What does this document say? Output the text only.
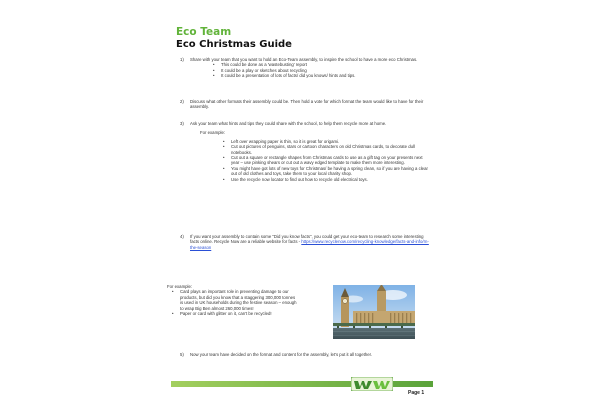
Eco Team
Eco Christmas Guide
1) Share with your team that you want to hold an Eco-Team assembly, to inspire the school to have a more eco Christmas.
• This could be done as a 'wastebusting' report
• It could be a play or sketches about recycling
• It could be a presentation of lots of facts/ did you knows/ hints and tips.
2) Discuss what other formats their assembly could be. Then hold a vote for which format the team would like to have for their assembly.
3) Ask your team what hints and tips they could share with the school, to help them recycle more at home.
For example:
• Left over wrapping paper is thin, so it is great for origami.
• Cut out pictures of penguins, stars or cartoon characters on old Christmas cards, to decorate dull notebooks.
• Cut out a square or rectangle shapes from Christmas cards to use as a gift tag on your presents next year – use pinking shears or cut out a wavy edged template to make them more interesting.
• You might have got lots of new toys for Christmas/ be having a spring clean, so if you are having a clear out of old clothes and toys, take them to your local charity shop.
• Use the recycle now locator to find out how to recycle old electrical toys.
4) If you want your assembly to contain some "Did you know facts", you could get your eco-team to research some interesting facts online. Recycle Now are a reliable website for facts - https://www.recyclenow.com/recycling-knowledge/facts-and-info/rn-the-season
For example:
• Card plays an important role in preventing damage to our products, but did you know that a staggering 300,000 tonnes is used in UK households during the festive season – enough to wrap Big Ben almost 260,000 times!
• Paper or card with glitter on it, can't be recycled!
5) Now your team have decided on the format and content for the assembly, let's put it all together.
Page 1
